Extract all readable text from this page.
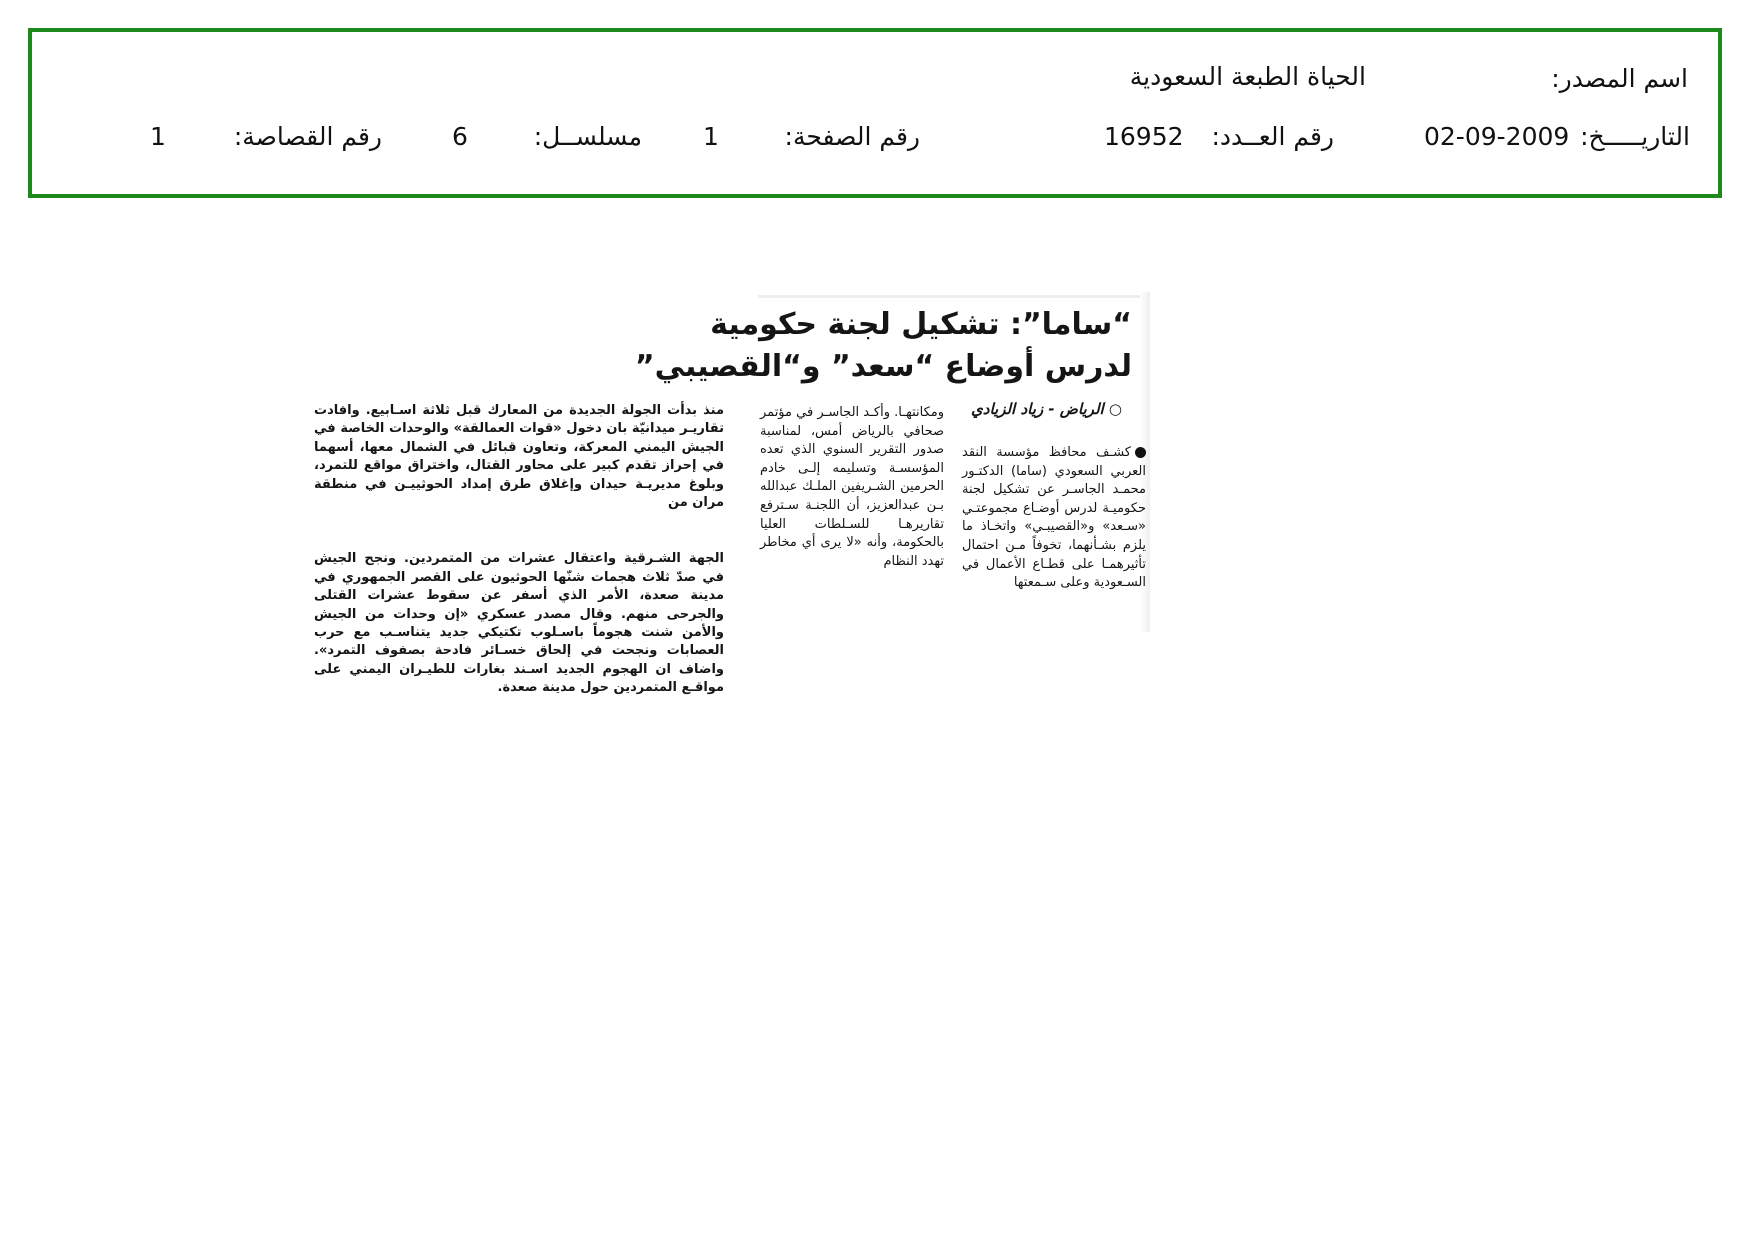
اسم المصدر:
الحياة الطبعة السعودية
التاريـــــخ:
02-09-2009
رقم العــدد:
16952
رقم الصفحة:
1
مسلســل:
6
رقم القصاصة:
1
“ساما”: تشكيل لجنة حكومية
لدرس أوضاع “سعد” و“القصيبي”
○ الرياض - زياد الزيادي

كشـف محافظ مؤسسة النقد العربي السعودي (ساما) الدكتـور محمـد الجاسـر عن تشكيل لجنة حكوميـة لدرس أوضـاع مجموعتـي «سـعد» و«القصيبـي» واتخـاذ ما يلزم بشـأنهما، تخوفاً مـن احتمال تأثيرهمـا على قطـاع الأعمال في السـعودية وعلى سـمعتها

ومكانتهـا. وأكـد الجاسـر في مؤتمر صحافي بالرياض أمس، لمناسبة صدور التقرير السنوي الذي تعده المؤسسـة وتسليمه إلـى خادم الحرمين الشـريفين الملـك عبدالله بـن عبدالعزيز، أن اللجنـة سـترفع تقاريرهـا للسـلطات العليا بالحكومة، وأنه «لا يرى أي مخاطر تهدد النظام

منذ بدأت الجولة الجديدة من المعارك قبل ثلاثة اسـابيع. وافادت تقاريـر ميدانيّة بان دخول «قوات العمالقة» والوحدات الخاصة في الجيش اليمني المعركة، وتعاون قبائل في الشمال معها، أسهما في إحراز تقدم كبير على محاور القتال، واختراق مواقع للتمرد، وبلوغ مديريـة حيدان وإغلاق طرق إمداد الحوثييـن في منطقة مران من

الجهة الشـرقية واعتقال عشرات من المتمردين. ونجح الجيش في صدّ ثلاث هجمات شنّها الحوثيون على القصر الجمهوري في مدينة صعدة، الأمر الذي أسفر عن سقوط عشرات القتلى والجرحى منهم. وقال مصدر عسكري «إن وحدات من الجيش والأمن شنت هجوماً باسـلوب تكتيكي جديد يتناسـب مع حرب العصابات ونجحت في إلحاق خسـائر فادحة بصفوف التمرد». واضاف ان الهجوم الجديد اسـند بغارات للطيـران اليمني على مواقـع المتمردين حول مدينة صعدة.
